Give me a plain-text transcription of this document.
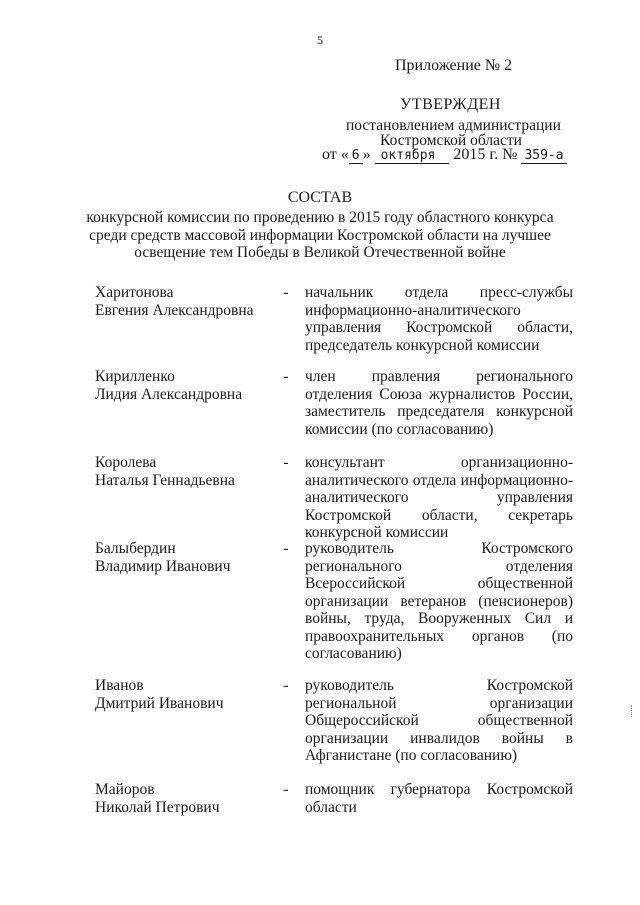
5
Приложение № 2
УТВЕРЖДЕН
постановлением администрации
Костромской области
от « 6 » октября 2015 г. № 359-а
СОСТАВ
конкурсной комиссии по проведению в 2015 году областного конкурса
среди средств массовой информации Костромской области на лучшее
освещение тем Победы в Великой Отечественной войне
Харитонова
Евгения Александровна
- начальник отдела пресс-службы информационно-аналитического управления Костромской области, председатель конкурсной комиссии
Кирилленко
Лидия Александровна
- член правления регионального отделения Союза журналистов России, заместитель председателя конкурсной комиссии (по согласованию)
Королева
Наталья Геннадьевна
- консультант организационно-аналитического отдела информационно-аналитического управления Костромской области, секретарь конкурсной комиссии
Балыбердин
Владимир Иванович
- руководитель Костромского регионального отделения Всероссийской общественной организации ветеранов (пенсионеров) войны, труда, Вооруженных Сил и правоохранительных органов (по согласованию)
Иванов
Дмитрий Иванович
- руководитель Костромской региональной организации Общероссийской общественной организации инвалидов войны в Афганистане (по согласованию)
Майоров
Николай Петрович
- помощник губернатора Костромской области
